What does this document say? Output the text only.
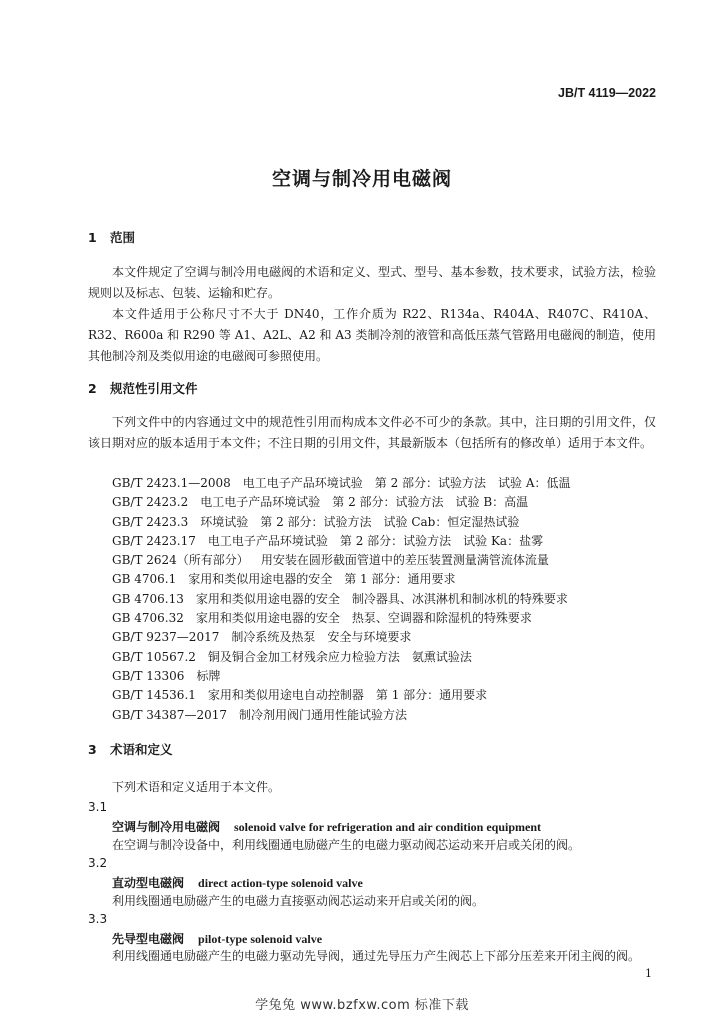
JB/T 4119—2022
空调与制冷用电磁阀
1 范围
本文件规定了空调与制冷用电磁阀的术语和定义、型式、型号、基本参数，技术要求，试验方法，检验规则以及标志、包装、运输和贮存。
本文件适用于公称尺寸不大于 DN40，工作介质为 R22、R134a、R404A、R407C、R410A、R32、R600a 和 R290 等 A1、A2L、A2 和 A3 类制冷剂的液管和高低压蒸气管路用电磁阀的制造，使用其他制冷剂及类似用途的电磁阀可参照使用。
2 规范性引用文件
下列文件中的内容通过文中的规范性引用而构成本文件必不可少的条款。其中，注日期的引用文件，仅该日期对应的版本适用于本文件；不注日期的引用文件，其最新版本（包括所有的修改单）适用于本文件。
GB/T 2423.1—2008 电工电子产品环境试验　第 2 部分：试验方法　试验 A：低温
GB/T 2423.2 电工电子产品环境试验　第 2 部分：试验方法　试验 B：高温
GB/T 2423.3 环境试验　第 2 部分：试验方法　试验 Cab：恒定湿热试验
GB/T 2423.17 电工电子产品环境试验　第 2 部分：试验方法　试验 Ka：盐雾
GB/T 2624（所有部分） 用安装在圆形截面管道中的差压装置测量满管流体流量
GB 4706.1 家用和类似用途电器的安全　第 1 部分：通用要求
GB 4706.13 家用和类似用途电器的安全　制冷器具、冰淇淋机和制冰机的特殊要求
GB 4706.32 家用和类似用途电器的安全　热泵、空调器和除湿机的特殊要求
GB/T 9237—2017 制冷系统及热泵　安全与环境要求
GB/T 10567.2 铜及铜合金加工材残余应力检验方法　氨熏试验法
GB/T 13306 标牌
GB/T 14536.1 家用和类似用途电自动控制器　第 1 部分：通用要求
GB/T 34387—2017 制冷剂用阀门通用性能试验方法
3 术语和定义
下列术语和定义适用于本文件。
3.1
空调与制冷用电磁阀 solenoid valve for refrigeration and air condition equipment
在空调与制冷设备中，利用线圈通电励磁产生的电磁力驱动阀芯运动来开启或关闭的阀。
3.2
直动型电磁阀 direct action-type solenoid valve
利用线圈通电励磁产生的电磁力直接驱动阀芯运动来开启或关闭的阀。
3.3
先导型电磁阀 pilot-type solenoid valve
利用线圈通电励磁产生的电磁力驱动先导阀，通过先导压力产生阀芯上下部分压差来开闭主阀的阀。
1
学兔兔 www.bzfxw.com 标准下载
